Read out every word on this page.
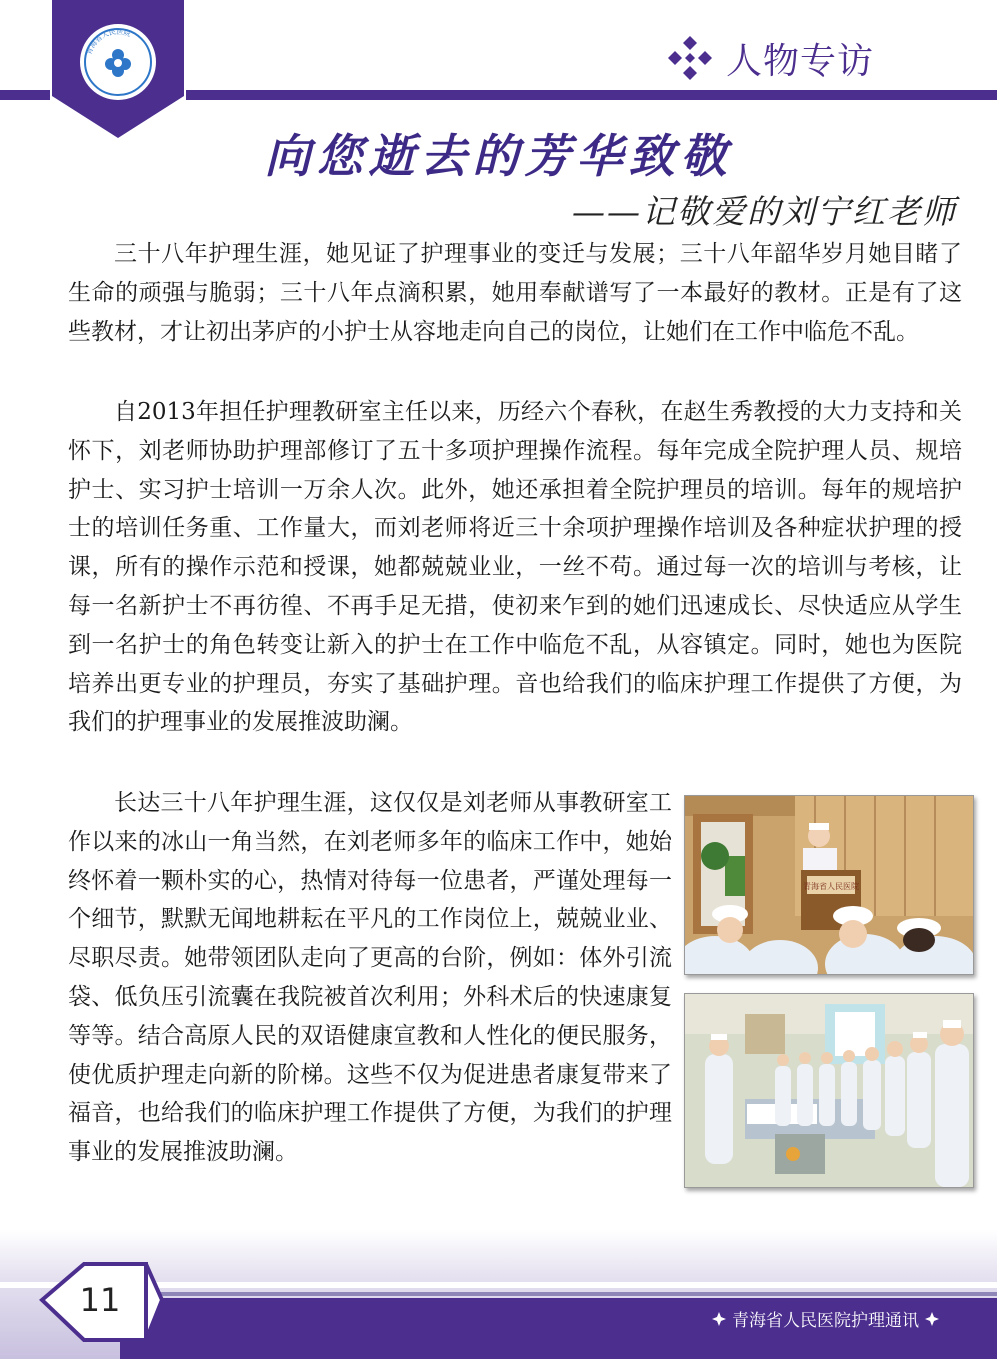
青海省人民医院
人物专访
向您逝去的芳华致敬
——记敬爱的刘宁红老师

三十八年护理生涯，她见证了护理事业的变迁与发展；三十八年韶华岁月她目睹了生命的顽强与脆弱；三十八年点滴积累，她用奉献谱写了一本最好的教材。正是有了这些教材，才让初出茅庐的小护士从容地走向自己的岗位，让她们在工作中临危不乱。

自2013年担任护理教研室主任以来，历经六个春秋，在赵生秀教授的大力支持和关怀下，刘老师协助护理部修订了五十多项护理操作流程。每年完成全院护理人员、规培护士、实习护士培训一万余人次。此外，她还承担着全院护理员的培训。每年的规培护士的培训任务重、工作量大，而刘老师将近三十余项护理操作培训及各种症状护理的授课，所有的操作示范和授课，她都兢兢业业，一丝不苟。通过每一次的培训与考核，让每一名新护士不再彷徨、不再手足无措，使初来乍到的她们迅速成长、尽快适应从学生到一名护士的角色转变让新入的护士在工作中临危不乱，从容镇定。同时，她也为医院培养出更专业的护理员，夯实了基础护理。音也给我们的临床护理工作提供了方便，为我们的护理事业的发展推波助澜。

长达三十八年护理生涯，这仅仅是刘老师从事教研室工作以来的冰山一角当然，在刘老师多年的临床工作中，她始终怀着一颗朴实的心，热情对待每一位患者，严谨处理每一个细节，默默无闻地耕耘在平凡的工作岗位上，兢兢业业、尽职尽责。她带领团队走向了更高的台阶，例如：体外引流袋、低负压引流囊在我院被首次利用；外科术后的快速康复等等。结合高原人民的双语健康宣教和人性化的便民服务，使优质护理走向新的阶梯。这些不仅为促进患者康复带来了福音，也给我们的临床护理工作提供了方便，为我们的护理事业的发展推波助澜。

青海省人民医院
11
青海省人民医院护理通讯
